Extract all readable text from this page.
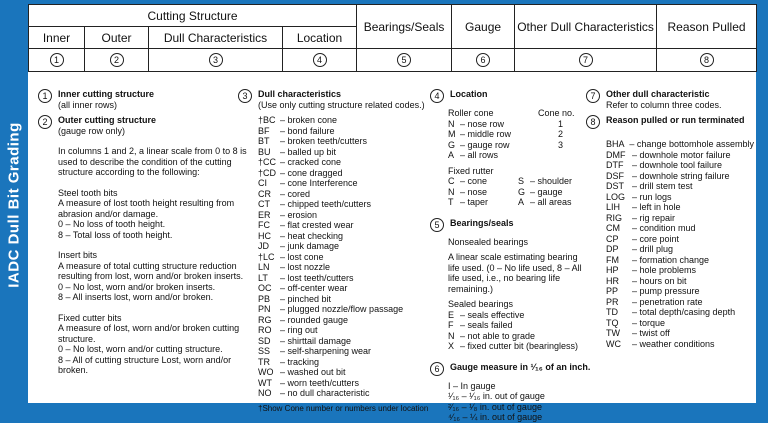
IADC Dull Bit Grading
Cutting Structure				Bearings/Seals	Gauge	Other Dull Characteristics	Reason Pulled
Inner	Outer	Dull Characteristics	Location				
1	2	3	4	5	6	7	8
1	Inner cutting structure
(all inner rows)
2	Outer cutting structure
(gauge row only)
In columns 1 and 2, a linear scale from 0 to 8 is
used to describe the condition of the cutting
structure according to the following:
Steel tooth bits
A measure of lost tooth height resulting from
abrasion and/or damage.
0 – No loss of tooth height.
8 – Total loss of tooth height.
Insert bits
A measure of total cutting structure reduction
resulting from lost, worn and/or broken inserts.
0 – No lost, worn and/or broken inserts.
8 – All inserts lost, worn and/or broken.
Fixed cutter bits
A measure of lost, worn and/or broken cutting
structure.
0 – No lost, worn and/or cutting structure.
8 – All of cutting structure Lost, worn and/or
broken.
3	Dull characteristics
(Use only cutting structure related codes.)
†BC – broken cone
BF	– bond failure
BT	– broken teeth/cutters
BU	– balled up bit
†CC – cracked cone
†CD – cone dragged
CI	– cone Interference
CR	– cored
CT	– chipped teeth/cutters
ER	– erosion
FC	– flat crested wear
HC	– heat checking
JD	– junk damage
†LC – lost cone
LN	– lost nozzle
LT	– lost teeth/cutters
OC – off-center wear
PB	– pinched bit
PN	– plugged nozzle/flow passage
RG – rounded gauge
RO – ring out
SD	– shirttail damage
SS	– self-sharpening wear
TR	– tracking
WO – washed out bit
WT – worn teeth/cutters
NO – no dull characteristic
†Show Cone number or numbers under location
4	Location
Roller cone	Cone no.
N – nose row	1
M – middle row	2
G – gauge row	3
A – all rows
Fixed rutter
C – cone	S – shoulder
N – nose	G – gauge
T – taper	A – all areas
5	Bearings/seals
Nonsealed bearings
A linear scale estimating bearing
life used. (0 – No life used, 8 – All
life used, i.e., no bearing life
remaining.)
Sealed bearings
E – seals effective
F – seals failed
N – not able to grade
X – fixed cutter bit (bearingless)
6	Gauge measure in ¹⁄₁₆ of an inch.
I – In gauge
¹⁄₁₆ – ¹⁄₁₆ in. out of gauge
²⁄₁₆ – ¹⁄₈ in. out of gauge
⁴⁄₁₆ – ¼ in. out of gauge
7	Other dull characteristic
Refer to column three codes.
8	Reason pulled or run terminated
BHA – change bottomhole assembly
DMF – downhole motor failure
DTF – downhole tool failure
DSF – downhole string failure
DST – drill stem test
LOG – run logs
LIH	– left in hole
RIG	– rig repair
CM	– condition mud
CP	– core point
DP	– drill plug
FM	– formation change
HP	– hole problems
HR	– hours on bit
PP	– pump pressure
PR	– penetration rate
TD	– total depth/casing depth
TQ	– torque
TW	– twist off
WC	– weather conditions
